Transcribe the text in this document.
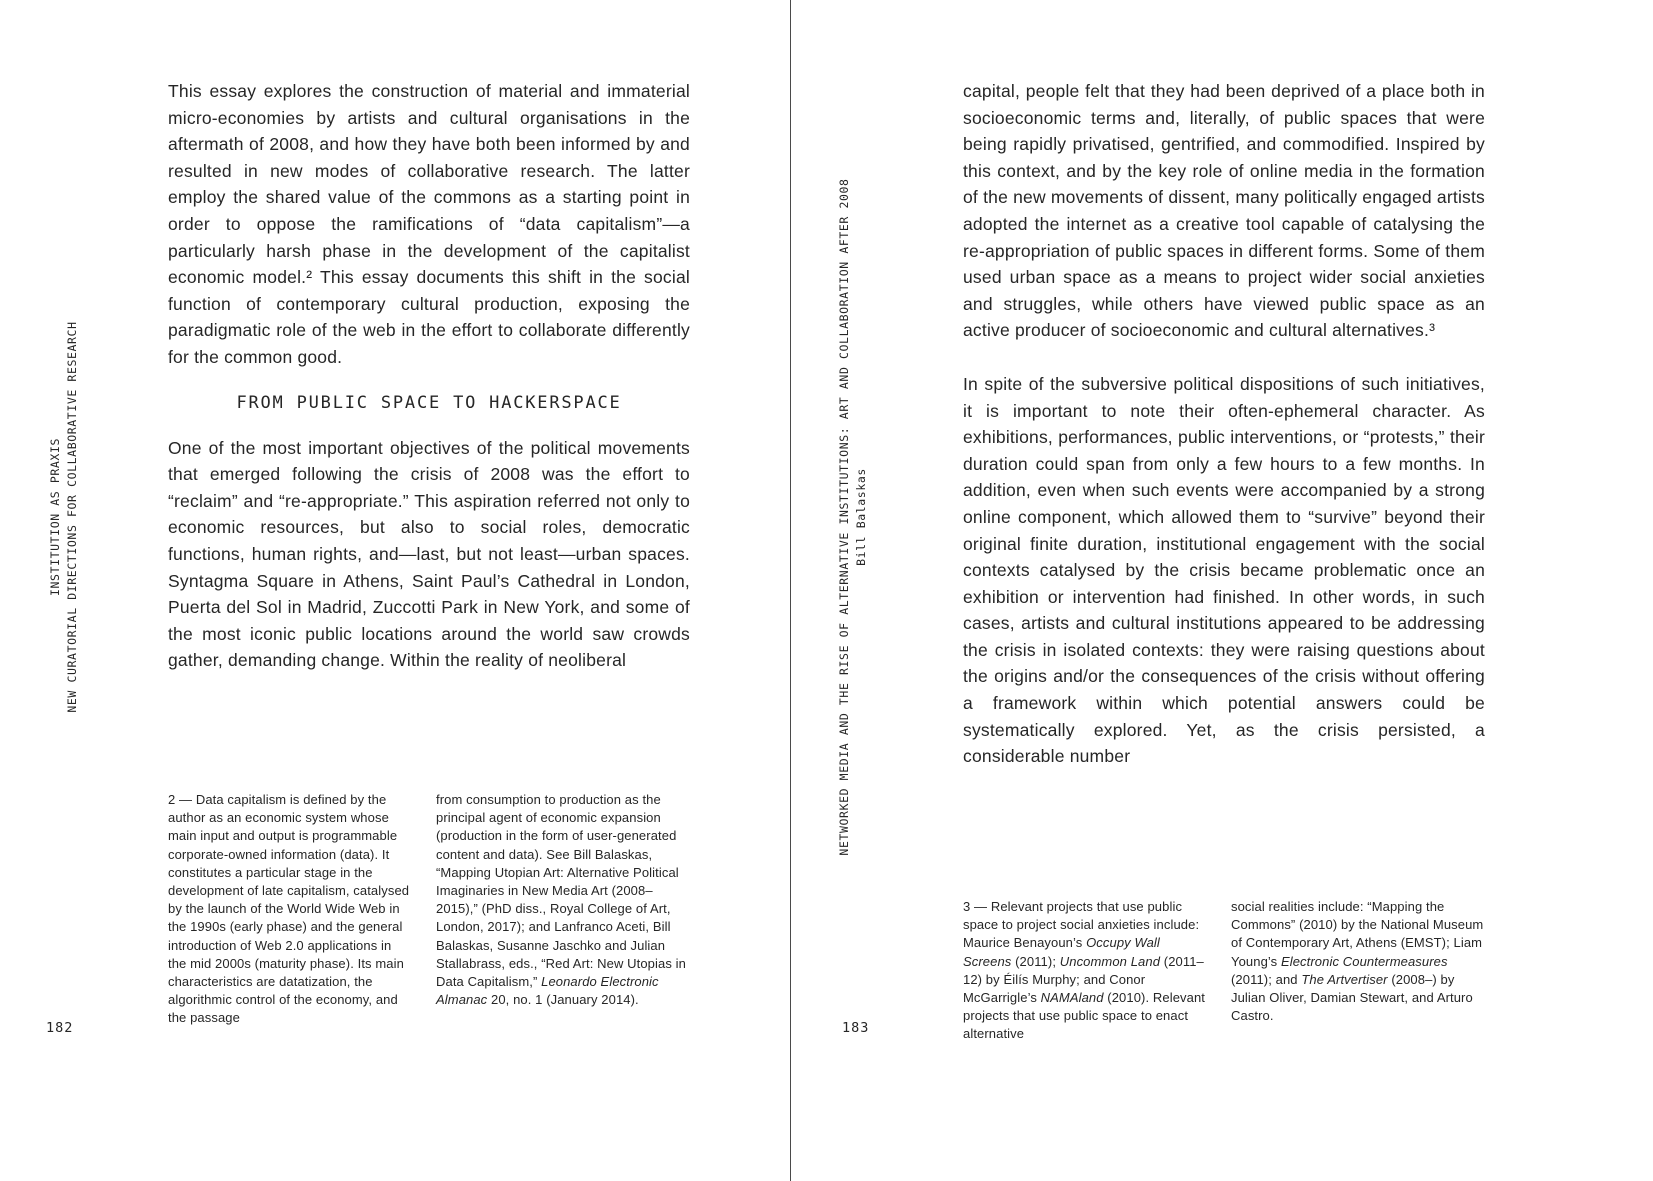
INSTITUTION AS PRAXIS NEW CURATORIAL DIRECTIONS FOR COLLABORATIVE RESEARCH

This essay explores the construction of material and immaterial micro-economies by artists and cultural organisations in the aftermath of 2008, and how they have both been informed by and resulted in new modes of collaborative research. The latter employ the shared value of the commons as a starting point in order to oppose the ramifications of “data capitalism”—a particularly harsh phase in the development of the capitalist economic model.² This essay documents this shift in the social function of contemporary cultural production, exposing the paradigmatic role of the web in the effort to collaborate differently for the common good.

FROM PUBLIC SPACE TO HACKERSPACE

One of the most important objectives of the political movements that emerged following the crisis of 2008 was the effort to “reclaim” and “re-appropriate.” This aspiration referred not only to economic resources, but also to social roles, democratic functions, human rights, and—last, but not least—urban spaces. Syntagma Square in Athens, Saint Paul’s Cathedral in London, Puerta del Sol in Madrid, Zuccotti Park in New York, and some of the most iconic public locations around the world saw crowds gather, demanding change. Within the reality of neoliberal

2 — Data capitalism is defined by the author as an economic system whose main input and output is programmable corporate-owned information (data). It constitutes a particular stage in the development of late capitalism, catalysed by the launch of the World Wide Web in the 1990s (early phase) and the general introduction of Web 2.0 applications in the mid 2000s (maturity phase). Its main characteristics are datatization, the algorithmic control of the economy, and the passage
from consumption to production as the principal agent of economic expansion (production in the form of user-generated content and data). See Bill Balaskas, “Mapping Utopian Art: Alternative Political Imaginaries in New Media Art (2008–2015),” (PhD diss., Royal College of Art, London, 2017); and Lanfranco Aceti, Bill Balaskas, Susanne Jaschko and Julian Stallabrass, eds., “Red Art: New Utopias in Data Capitalism,” Leonardo Electronic Almanac 20, no. 1 (January 2014).
182
NETWORKED MEDIA AND THE RISE OF ALTERNATIVE INSTITUTIONS: ART AND COLLABORATION AFTER 2008 Bill Balaskas

capital, people felt that they had been deprived of a place both in socioeconomic terms and, literally, of public spaces that were being rapidly privatised, gentrified, and commodified. Inspired by this context, and by the key role of online media in the formation of the new movements of dissent, many politically engaged artists adopted the internet as a creative tool capable of catalysing the re-appropriation of public spaces in different forms. Some of them used urban space as a means to project wider social anxieties and struggles, while others have viewed public space as an active producer of socioeconomic and cultural alternatives.³

In spite of the subversive political dispositions of such initiatives, it is important to note their often-ephemeral character. As exhibitions, performances, public interventions, or “protests,” their duration could span from only a few hours to a few months. In addition, even when such events were accompanied by a strong online component, which allowed them to “survive” beyond their original finite duration, institutional engagement with the social contexts catalysed by the crisis became problematic once an exhibition or intervention had finished. In other words, in such cases, artists and cultural institutions appeared to be addressing the crisis in isolated contexts: they were raising questions about the origins and/or the consequences of the crisis without offering a framework within which potential answers could be systematically explored. Yet, as the crisis persisted, a considerable number

3 — Relevant projects that use public space to project social anxieties include: Maurice Benayoun’s Occupy Wall Screens (2011); Uncommon Land (2011–12) by Éilís Murphy; and Conor McGarrigle’s NAMAland (2010). Relevant projects that use public space to enact alternative
social realities include: “Mapping the Commons” (2010) by the National Museum of Contemporary Art, Athens (EMST); Liam Young’s Electronic Countermeasures (2011); and The Artvertiser (2008–) by Julian Oliver, Damian Stewart, and Arturo Castro.
183
